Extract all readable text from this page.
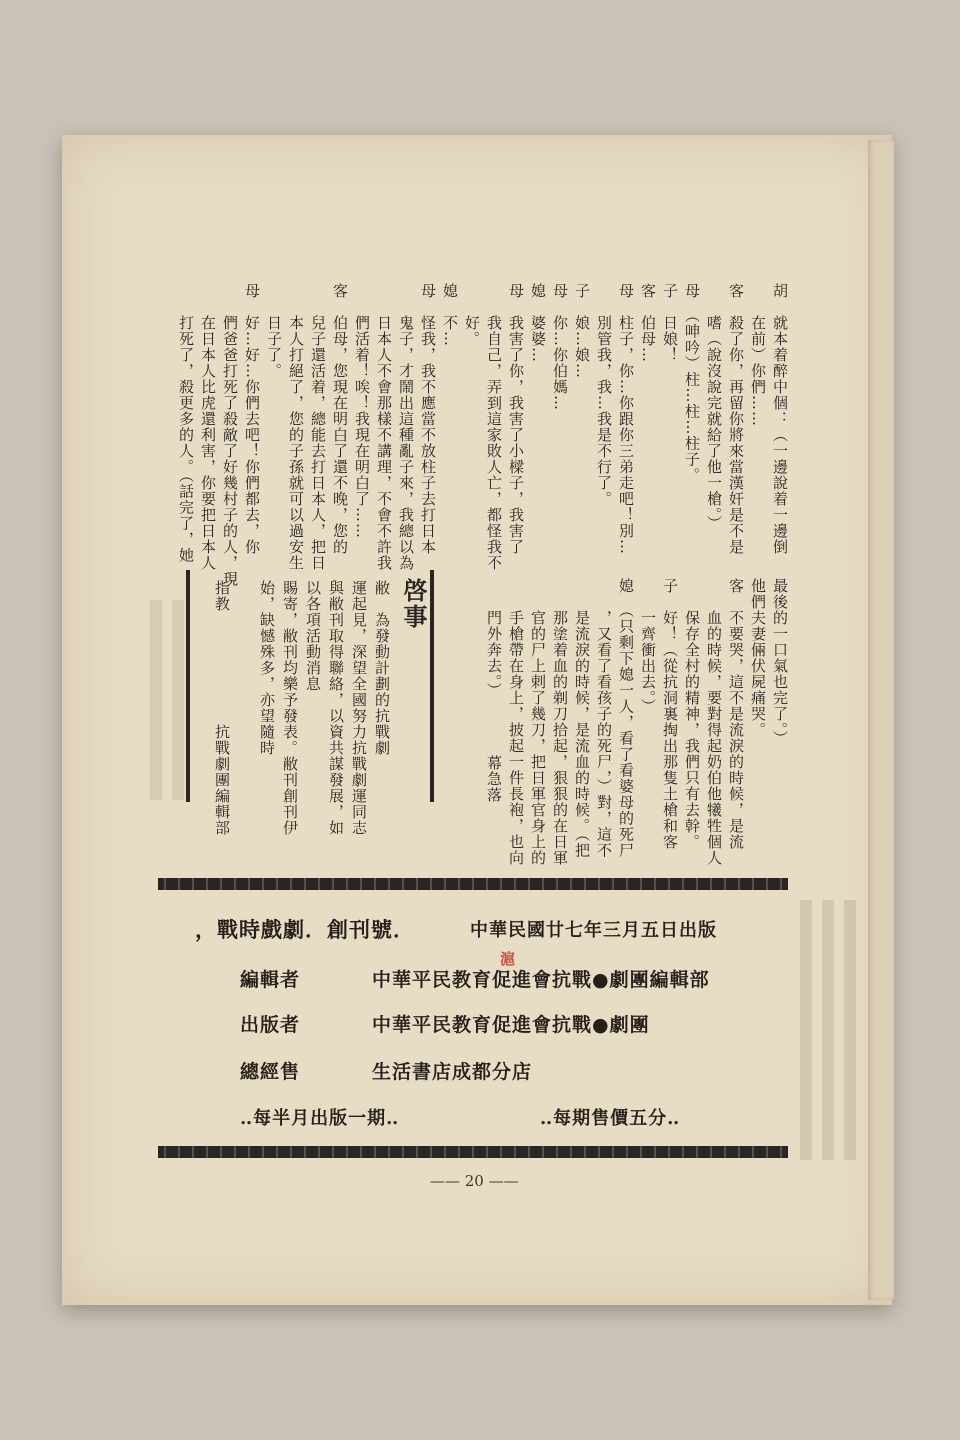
胡　就本着醉中個：（一邊說着一邊倒
　　在前）你們……
客　殺了你，再留你將來當漢奸是不是
　　嗜（說沒說完就給了他一槍。）
母　（呻吟）柱…柱…柱子。
子　日娘！
客　伯母…
母　柱子，你…你跟你三弟走吧！別…
　　別管我，我…我是不行了。
子　娘…娘…
母　你…你伯媽…
媳　婆婆…
母　我害了你，我害了小樑子，我害了
　　我自己，弄到這家敗人亡，都怪我不
　　好。
媳　不…
母　怪我，我不應當不放柱子去打日本
　　鬼子，才鬧出這種亂子來，我總以為
　　日本人不會那樣不講理，不會不許我
　　們活着！唉！我現在明白了……
客　伯母，您現在明白了還不晚，您的
　　兒子還活着，總能去打日本人，把日
　　本人打絕了，您的子孫就可以過安生
　　日子了。
母　好…好…你們去吧！你們都去，你
　　們爸爸打死了殺敵了好幾村子的人，現
　　在日本人比虎還利害，你要把日本人
　　打死了，殺更多的人。（話完了，她
最後的一口氣也完了。）
他們夫妻倆伏屍痛哭。
客　不要哭，這不是流淚的時候，是流
　　血的時候，要對得起奶伯他犧牲個人
　　保存全村的精神，我們只有去幹。
子　好！（從抗洞裏掏出那隻土槍和客
　　一齊衝出去。）
媳　（只剩下媳一人，看了看婆母的死尸
　　，又看了看孩子的死尸，）對，這不
　　是流淚的時候，是流血的時候。（把
　　那塗着血的剃刀拾起，狠狠的在日軍
　　官的尸上剌了幾刀，把日軍官身上的
　　手槍帶在身上，披起一件長袍，也向
　　門外奔去。）　　　　幕急落
啓事
敝　為發動計劃的抗戰劇
運起見，深望全國努力抗戰劇運同志
與敝刊取得聯絡，以資共謀發展，如
以各項活動消息
賜寄，敝刊均樂予發表。敝刊創刊伊
始，缺憾殊多，亦望隨時
指教　　　　　　　抗戰劇團編輯部
，戰時戲劇．創刊號．	中華民國廿七年三月五日出版
編輯者	中華平民教育促進會抗戰●劇團編輯部
出版者	中華平民教育促進會抗戰●劇團
總經售	生活書店成都分店
‥每半月出版一期‥	‥每期售價五分‥
滬
—— 20 ——
